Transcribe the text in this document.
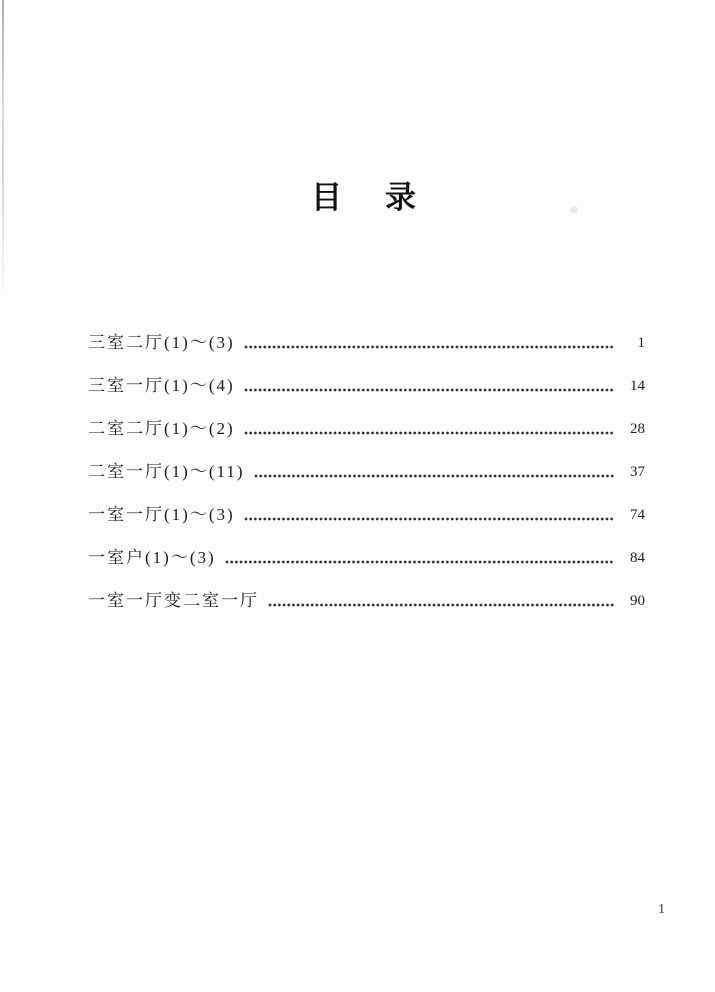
目　录
三室二厅(1)～(3)	1
三室一厅(1)～(4)	14
二室二厅(1)～(2)	28
二室一厅(1)～(11)	37
一室一厅(1)～(3)	74
一室户(1)～(3)	84
一室一厅变二室一厅	90
1
